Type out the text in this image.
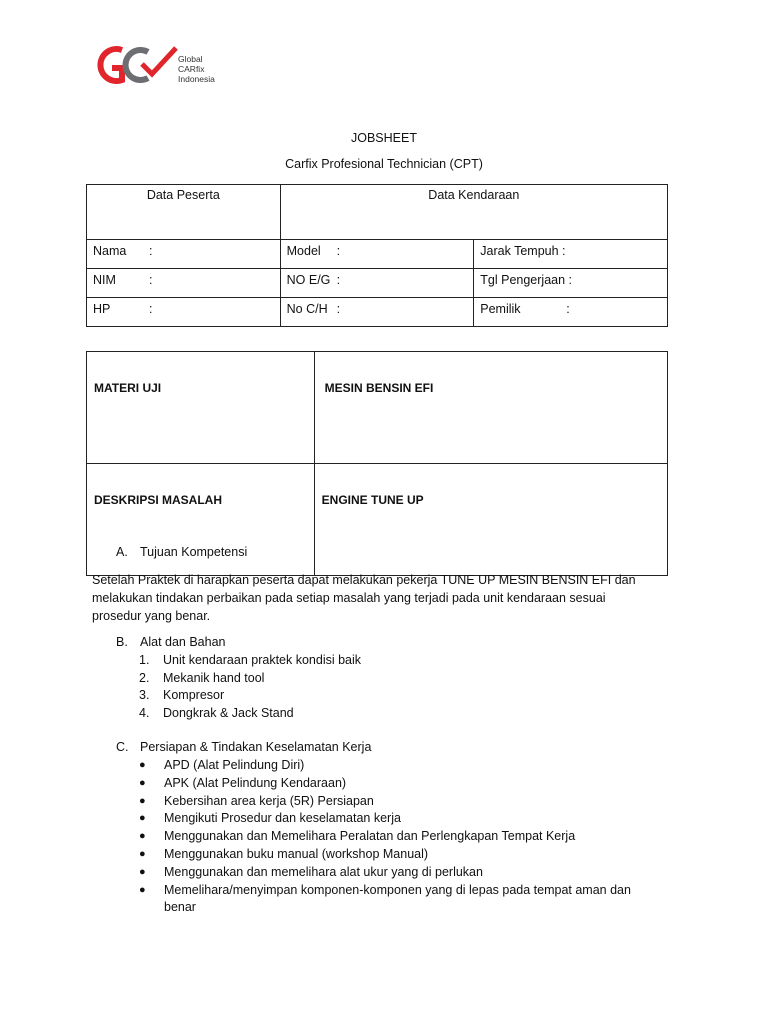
Global
CARfix
Indonesia
JOBSHEET
Carfix Profesional Technician (CPT)
Data Peserta	Data Kendaraan	
Nama :	Model :	Jarak Tempuh :
NIM :	NO E/G :	Tgl Pengerjaan :
HP :	No C/H :	Pemilik :
MATERI UJI	MESIN BENSIN EFI
DESKRIPSI MASALAH	ENGINE TUNE UP
A. Tujuan Kompetensi
Setelah Praktek di harapkan peserta dapat melakukan pekerja TUNE UP MESIN BENSIN EFI dan melakukan tindakan perbaikan pada setiap masalah yang terjadi pada unit kendaraan sesuai prosedur yang benar.
B. Alat dan Bahan
1. Unit kendaraan praktek kondisi baik
2. Mekanik hand tool
3. Kompresor
4. Dongkrak & Jack Stand
C. Persiapan & Tindakan Keselamatan Kerja
● APD (Alat Pelindung Diri)
● APK (Alat Pelindung Kendaraan)
● Kebersihan area kerja (5R) Persiapan
● Mengikuti Prosedur dan keselamatan kerja
● Menggunakan dan Memelihara Peralatan dan Perlengkapan Tempat Kerja
● Menggunakan buku manual (workshop Manual)
● Menggunakan dan memelihara alat ukur yang di perlukan
● Memelihara/menyimpan komponen-komponen yang di lepas pada tempat aman dan benar
